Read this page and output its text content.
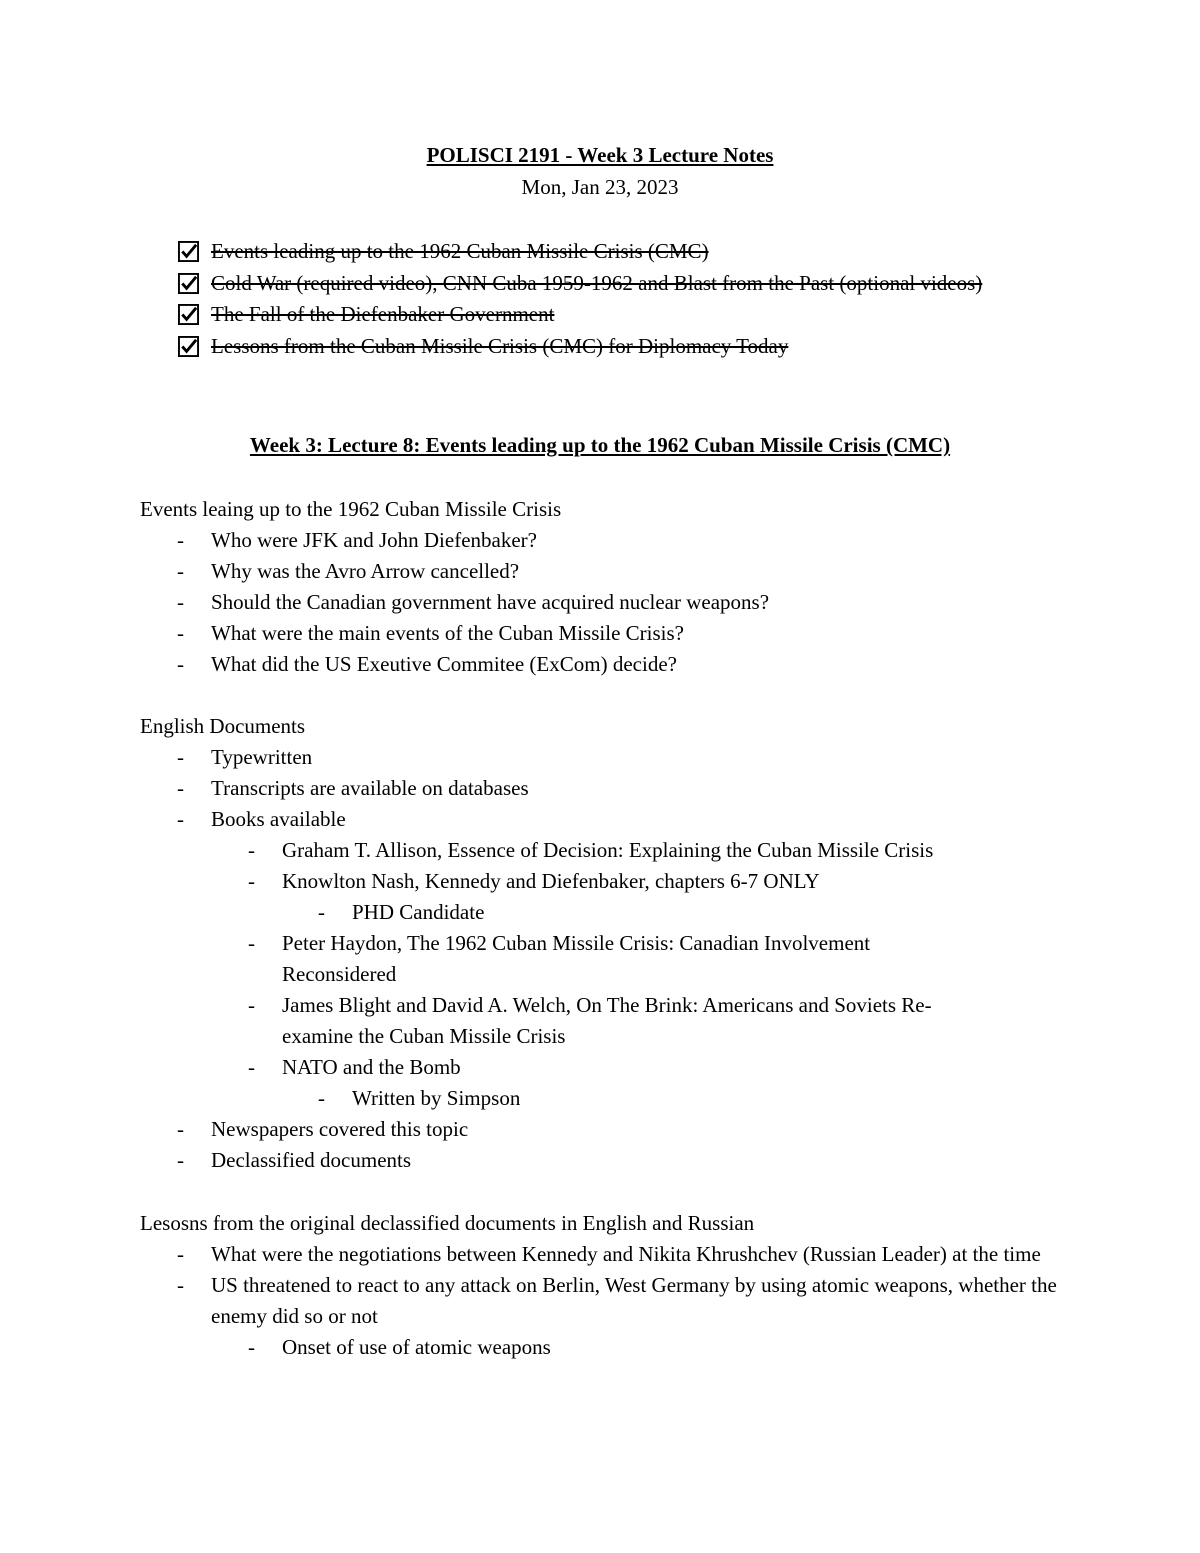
POLISCI 2191 - Week 3 Lecture Notes
Mon, Jan 23, 2023
Events leading up to the 1962 Cuban Missile Crisis (CMC)
Cold War (required video), CNN Cuba 1959-1962 and Blast from the Past (optional videos)
The Fall of the Diefenbaker Government
Lessons from the Cuban Missile Crisis (CMC) for Diplomacy Today
Week 3: Lecture 8: Events leading up to the 1962 Cuban Missile Crisis (CMC)

Events leaing up to the 1962 Cuban Missile Crisis

- Who were JFK and John Diefenbaker?
- Why was the Avro Arrow cancelled?
- Should the Canadian government have acquired nuclear weapons?
- What were the main events of the Cuban Missile Crisis?
- What did the US Exeutive Commitee (ExCom) decide?

English Documents

- Typewritten
- Transcripts are available on databases
- Books available
- Graham T. Allison, Essence of Decision: Explaining the Cuban Missile Crisis
- Knowlton Nash, Kennedy and Diefenbaker, chapters 6-7 ONLY
- PHD Candidate
- Peter Haydon, The 1962 Cuban Missile Crisis: Canadian Involvement Reconsidered
- James Blight and David A. Welch, On The Brink: Americans and Soviets Re-examine the Cuban Missile Crisis
- NATO and the Bomb
- Written by Simpson
- Newspapers covered this topic
- Declassified documents

Lesosns from the original declassified documents in English and Russian

- What were the negotiations between Kennedy and Nikita Khrushchev (Russian Leader) at the time
- US threatened to react to any attack on Berlin, West Germany by using atomic weapons, whether the enemy did so or not
- Onset of use of atomic weapons
